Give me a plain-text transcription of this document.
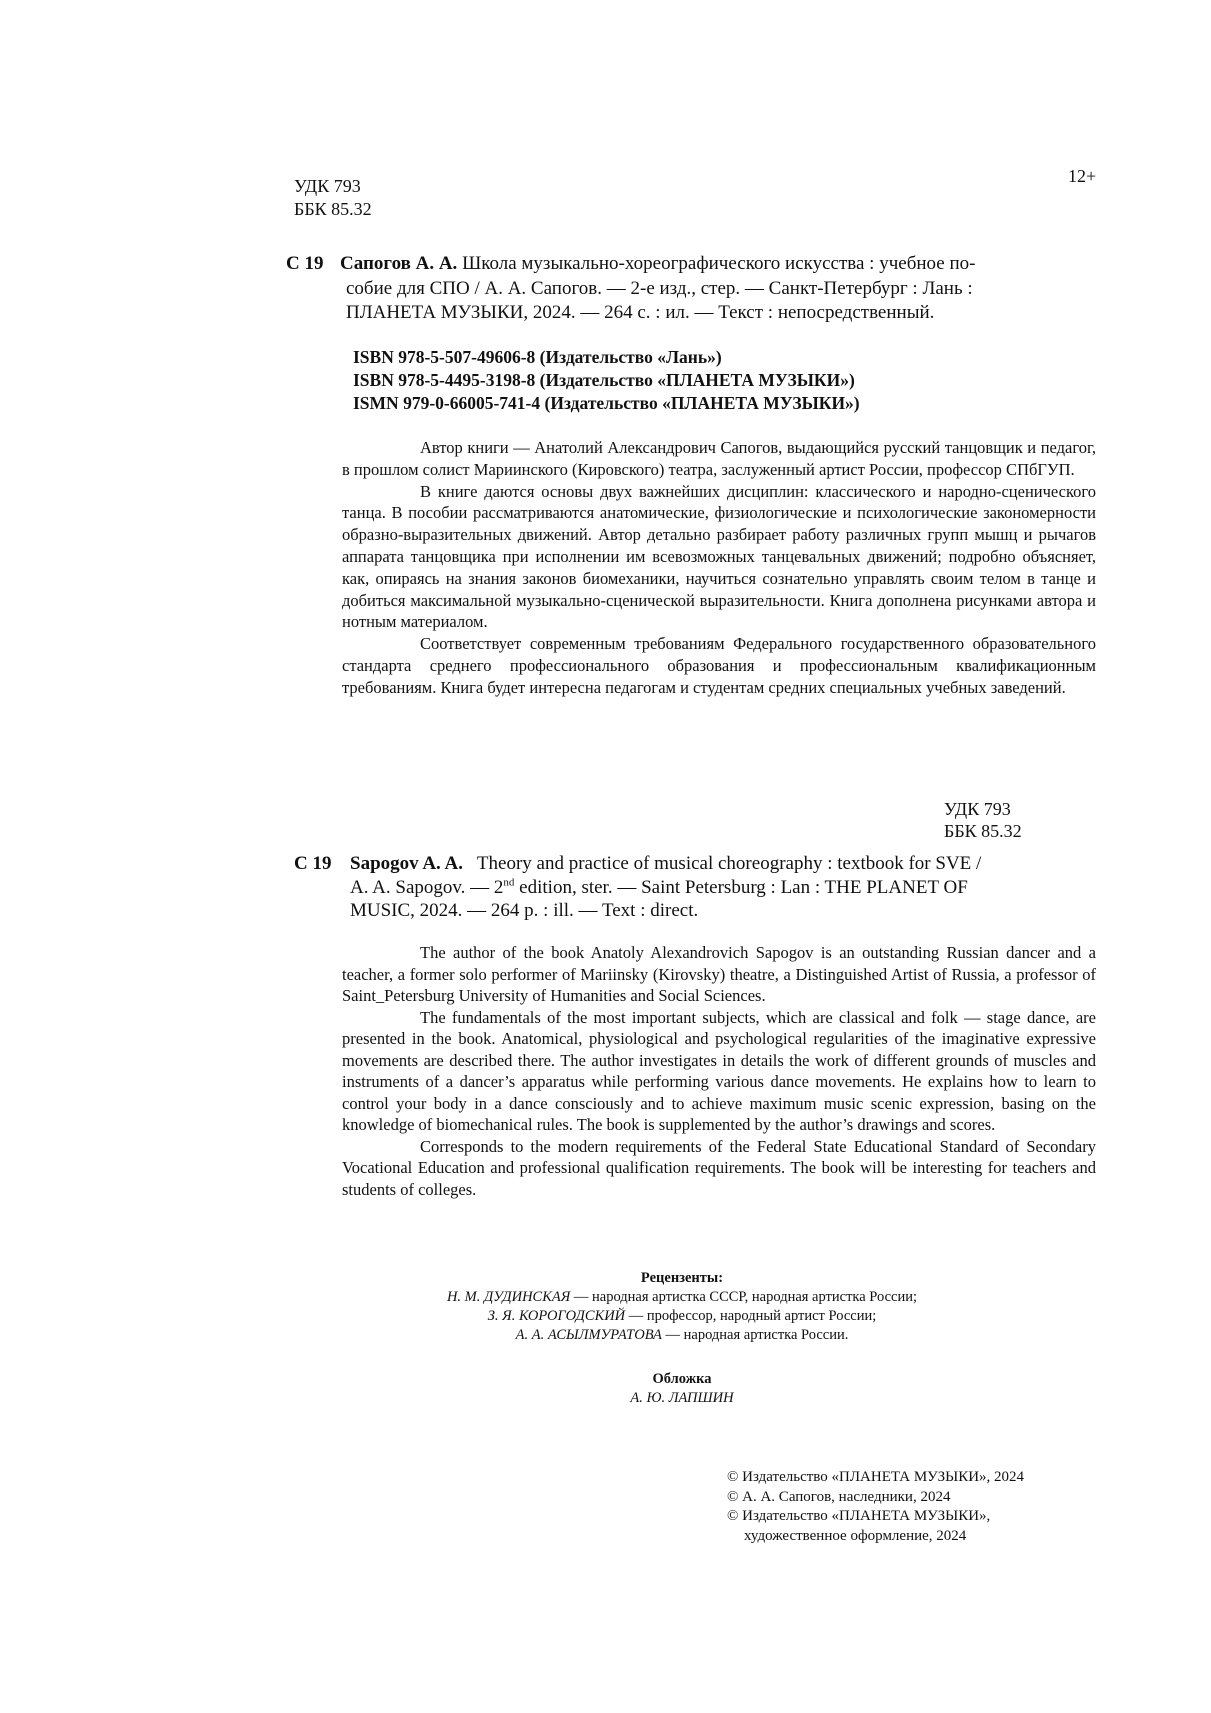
УДК 793
ББК 85.32
12+
С 19 Сапогов А. А. Школа музыкально-хореографического искусства : учебное по-
собие для СПО / А. А. Сапогов. — 2-е изд., стер. — Санкт-Петербург : Лань :
ПЛАНЕТА МУЗЫКИ, 2024. — 264 с. : ил. — Текст : непосредственный.
ISBN 978-5-507-49606-8 (Издательство «Лань»)
ISBN 978-5-4495-3198-8 (Издательство «ПЛАНЕТА МУЗЫКИ»)
ISMN 979-0-66005-741-4 (Издательство «ПЛАНЕТА МУЗЫКИ»)

Автор книги — Анатолий Александрович Сапогов, выдающийся русский танцовщик и педагог, в прошлом солист Мариинского (Кировского) театра, заслуженный артист России, профессор СПбГУП.

В книге даются основы двух важнейших дисциплин: классического и народно-сценического танца. В пособии рассматриваются анатомические, физиологические и психологические закономерности образно-выразительных движений. Автор детально разбирает работу различных групп мышц и рычагов аппарата танцовщика при исполнении им всевозможных танцевальных движений; подробно объясняет, как, опираясь на знания законов биомеханики, научиться сознательно управлять своим телом в танце и добиться максимальной музыкально-сценической выразительности. Книга дополнена рисунками автора и нотным материалом.

Соответствует современным требованиям Федерального государственного образовательного стандарта среднего профессионального образования и профессиональным квалификационным требованиям. Книга будет интересна педагогам и студентам средних специальных учебных заведений.

УДК 793
ББК 85.32
С 19 Sapogov A. A. Theory and practice of musical choreography : textbook for SVE /
A. A. Sapogov. — 2nd edition, ster. — Saint Petersburg : Lan : THE PLANET OF
MUSIC, 2024. — 264 p. : ill. — Text : direct.

The author of the book Anatoly Alexandrovich Sapogov is an outstanding Russian dancer and a teacher, a former solo performer of Mariinsky (Kirovsky) theatre, a Distinguished Artist of Russia, a professor of Saint_Petersburg University of Humanities and Social Sciences.

The fundamentals of the most important subjects, which are classical and folk — stage dance, are presented in the book. Anatomical, physiological and psychological regularities of the imaginative expressive movements are described there. The author investigates in details the work of different grounds of muscles and instruments of a dancer’s apparatus while performing various dance movements. He explains how to learn to control your body in a dance consciously and to achieve maximum music scenic expression, basing on the knowledge of biomechanical rules. The book is supplemented by the author’s drawings and scores.

Corresponds to the modern requirements of the Federal State Educational Standard of Secondary Vocational Education and professional qualification requirements. The book will be interesting for teachers and students of colleges.

Рецензенты:
Н. М. ДУДИНСКАЯ — народная артистка СССР, народная артистка России;
З. Я. КОРОГОДСКИЙ — профессор, народный артист России;
А. А. АСЫЛМУРАТОВА — народная артистка России.
Обложка
А. Ю. ЛАПШИН
© Издательство «ПЛАНЕТА МУЗЫКИ», 2024
© А. А. Сапогов, наследники, 2024
© Издательство «ПЛАНЕТА МУЗЫКИ»,
художественное оформление, 2024
